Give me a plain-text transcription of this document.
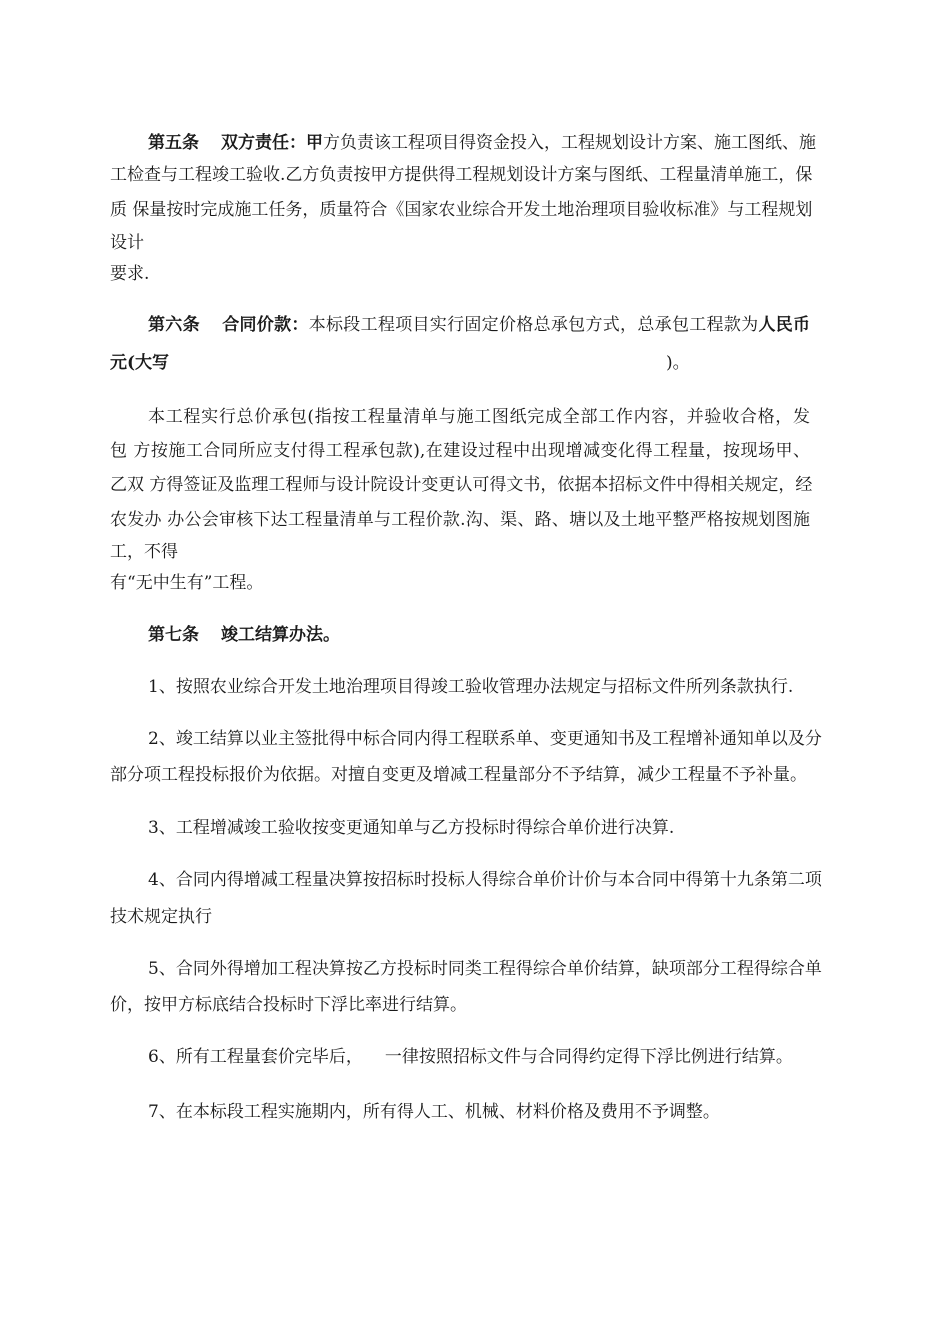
第五条 双方责任：甲方负责该工程项目得资金投入，工程规划设计方案、施工图纸、施
工检查与工程竣工验收.乙方负责按甲方提供得工程规划设计方案与图纸、工程量清单施工，保
质 保量按时完成施工任务，质量符合《国家农业综合开发土地治理项目验收标准》与工程规划
设计
要求.
第六条 合同价款：本标段工程项目实行固定价格总承包方式，总承包工程款为人民币
元(大写	)。
本工程实行总价承包(指按工程量清单与施工图纸完成全部工作内容，并验收合格，发
包 方按施工合同所应支付得工程承包款),在建设过程中出现增减变化得工程量，按现场甲、
乙双 方得签证及监理工程师与设计院设计变更认可得文书，依据本招标文件中得相关规定，经
农发办 办公会审核下达工程量清单与工程价款.沟、渠、路、塘以及土地平整严格按规划图施
工，不得
有“无中生有”工程。
第七条 竣工结算办法。
1、按照农业综合开发土地治理项目得竣工验收管理办法规定与招标文件所列条款执行.
2、竣工结算以业主签批得中标合同内得工程联系单、变更通知书及工程增补通知单以及分
部分项工程投标报价为依据。对擅自变更及增减工程量部分不予结算，减少工程量不予补量。
3、工程增减竣工验收按变更通知单与乙方投标时得综合单价进行决算.
4、合同内得增减工程量决算按招标时投标人得综合单价计价与本合同中得第十九条第二项
技术规定执行
5、合同外得增加工程决算按乙方投标时同类工程得综合单价结算，缺项部分工程得综合单
价，按甲方标底结合投标时下浮比率进行结算。
6、所有工程量套价完毕后， 一律按照招标文件与合同得约定得下浮比例进行结算。
7、在本标段工程实施期内，所有得人工、机械、材料价格及费用不予调整。
